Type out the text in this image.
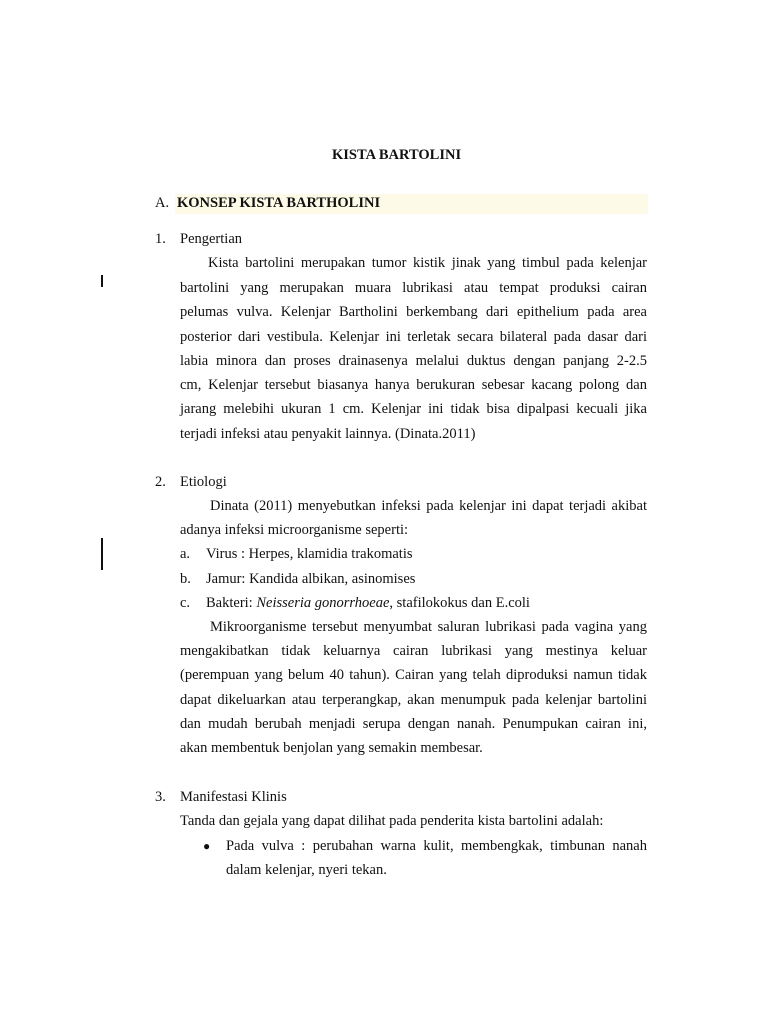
KISTA BARTOLINI
A. KONSEP KISTA BARTHOLINI
1. Pengertian
Kista bartolini merupakan tumor kistik jinak yang timbul pada kelenjar
bartolini yang merupakan muara lubrikasi atau tempat produksi cairan
pelumas vulva. Kelenjar Bartholini berkembang dari epithelium pada area
posterior dari vestibula. Kelenjar ini terletak secara bilateral pada dasar dari
labia minora dan proses drainasenya melalui duktus dengan panjang 2-2.5
cm, Kelenjar tersebut biasanya hanya berukuran sebesar kacang polong dan
jarang melebihi ukuran 1 cm. Kelenjar ini tidak bisa dipalpasi kecuali jika
terjadi infeksi atau penyakit lainnya. (Dinata.2011)
2. Etiologi
Dinata (2011) menyebutkan infeksi pada kelenjar ini dapat terjadi akibat
adanya infeksi microorganisme seperti:
a. Virus : Herpes, klamidia trakomatis
b. Jamur: Kandida albikan, asinomises
c. Bakteri: Neisseria gonorrhoeae, stafilokokus dan E.coli
Mikroorganisme tersebut menyumbat saluran lubrikasi pada vagina yang
mengakibatkan tidak keluarnya cairan lubrikasi yang mestinya keluar
(perempuan yang belum 40 tahun). Cairan yang telah diproduksi namun tidak
dapat dikeluarkan atau terperangkap, akan menumpuk pada kelenjar bartolini
dan mudah berubah menjadi serupa dengan nanah. Penumpukan cairan ini,
akan membentuk benjolan yang semakin membesar.
3. Manifestasi Klinis
Tanda dan gejala yang dapat dilihat pada penderita kista bartolini adalah:
● Pada vulva : perubahan warna kulit, membengkak, timbunan nanah
dalam kelenjar, nyeri tekan.
